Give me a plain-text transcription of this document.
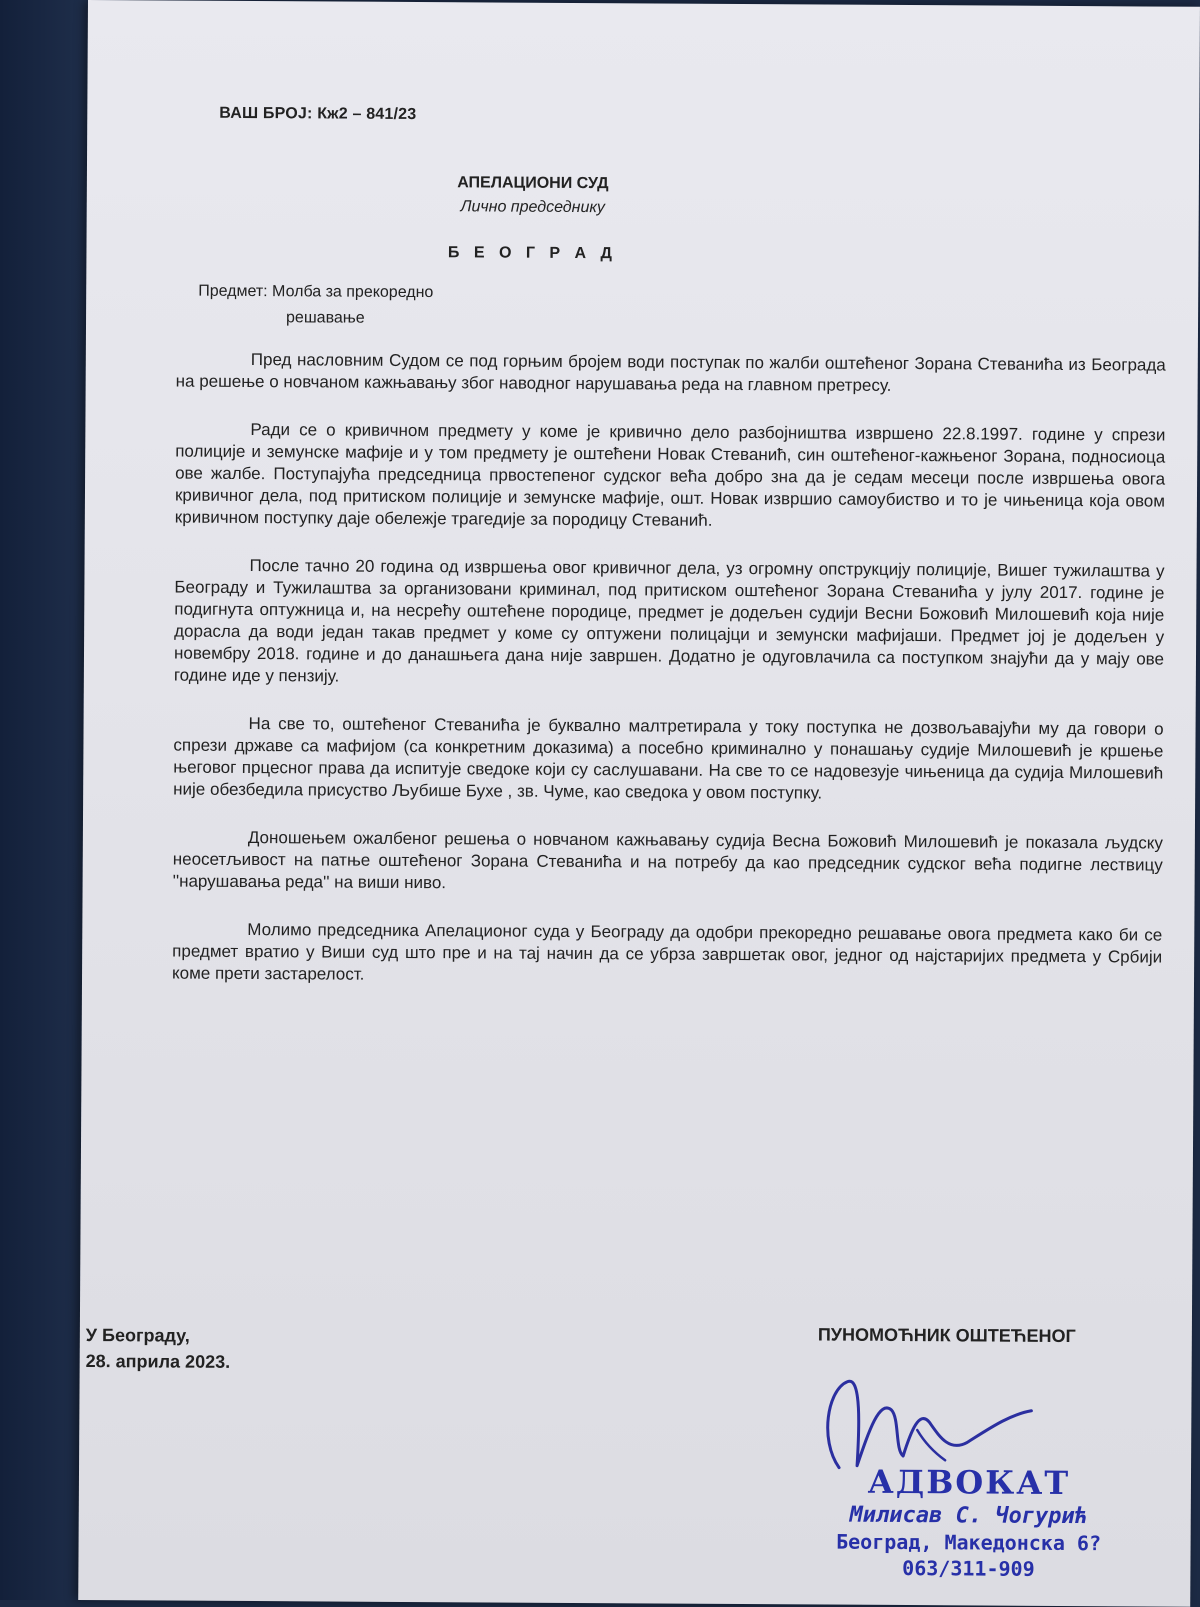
ВАШ БРОЈ: Кж2 – 841/23
АПЕЛАЦИОНИ СУД
Лично председнику
Б Е О Г Р А Д
Предмет: Молба за прекоредно
решавање

Пред насловним Судом се под горњим бројем води поступак по жалби оштећеног Зорана Стеванића из Београда на решење о новчаном кажњавању због наводног нарушавања реда на главном претресу.

Ради се о кривичном предмету у коме је кривично дело разбојништва извршено 22.8.1997. године у спрези полиције и земунске мафије и у том предмету је оштећени Новак Стеванић, син оштећеног-кажњеног Зорана, подносиоца ове жалбе. Поступајућа председница првостепеног судског већа добро зна да је седам месеци после извршења овога кривичног дела, под притиском полиције и земунске мафије, ошт. Новак извршио самоубиство и то је чињеница која овом кривичном поступку даје обележје трагедије за породицу Стеванић.

После тачно 20 година од извршења овог кривичног дела, уз огромну опструкцију полиције, Вишег тужилаштва у Београду и Тужилаштва за организовани криминал, под притиском оштећеног Зорана Стеванића у јулу 2017. године је подигнута оптужница и, на несрећу оштећене породице, предмет је додељен судији Весни Божовић Милошевић која није дорасла да води један такав предмет у коме су оптужени полицајци и земунски мафијаши. Предмет јој је додељен у новембру 2018. године и до данашњега дана није завршен. Додатно је одуговлачила са поступком знајући да у мају ове године иде у пензију.

На све то, оштећеног Стеванића је буквално малтретирала у току поступка не дозвољавајући му да говори о спрези државе са мафијом (са конкретним доказима) а посебно криминално у понашању судије Милошевић је кршење његовог прцесног права да испитује сведоке који су саслушавани. На све то се надовезује чињеница да судија Милошевић није обезбедила присуство Љубише Бухе , зв. Чуме, као сведока у овом поступку.

Доношењем ожалбеног решења о новчаном кажњавању судија Весна Божовић Милошевић је показала људску неосетљивост на патње оштећеног Зорана Стеванића и на потребу да као председник судског већа подигне лествицу ''нарушавања реда'' на виши ниво.

Молимо председника Апелационог суда у Београду да одобри прекоредно решавање овога предмета како би се предмет вратио у Виши суд што пре и на тај начин да се убрза завршетак овог, једног од најстаријих предмета у Србији коме прети застарелост.

У Београду,
28. априла 2023.
ПУНОМОЋНИК ОШТЕЋЕНОГ
АДВОКАТ
Милисав С. Чогурић
Београд, Македонска 6?
063/311-909
